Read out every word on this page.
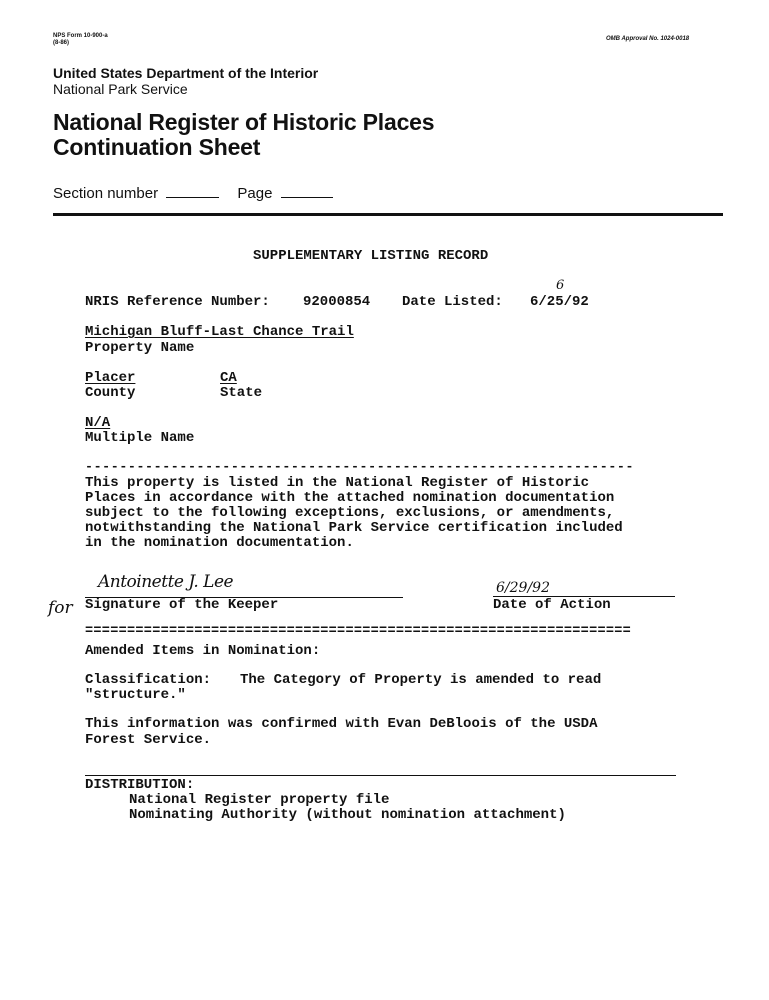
NPS Form 10-900-a
(8-86)
OMB Approval No. 1024-0018
United States Department of the Interior
National Park Service
National Register of Historic Places
Continuation Sheet
Section number	Page
SUPPLEMENTARY LISTING RECORD
NRIS Reference Number: 92000854 Date Listed: 6/25/92
6
Michigan Bluff-Last Chance Trail
Property Name
Placer	CA
County	State
N/A
Multiple Name
----------------------------------------------------------------
This property is listed in the National Register of Historic
Places in accordance with the attached nomination documentation
subject to the following exceptions, exclusions, or amendments,
notwithstanding the National Park Service certification included
in the nomination documentation.
Antoinette J. Lee
for Signature of the Keeper
6/29/92
Date of Action
=================================================================
Amended Items in Nomination:
Classification: The Category of Property is amended to read
"structure."
This information was confirmed with Evan DeBloois of the USDA
Forest Service.
DISTRIBUTION:
National Register property file
Nominating Authority (without nomination attachment)
